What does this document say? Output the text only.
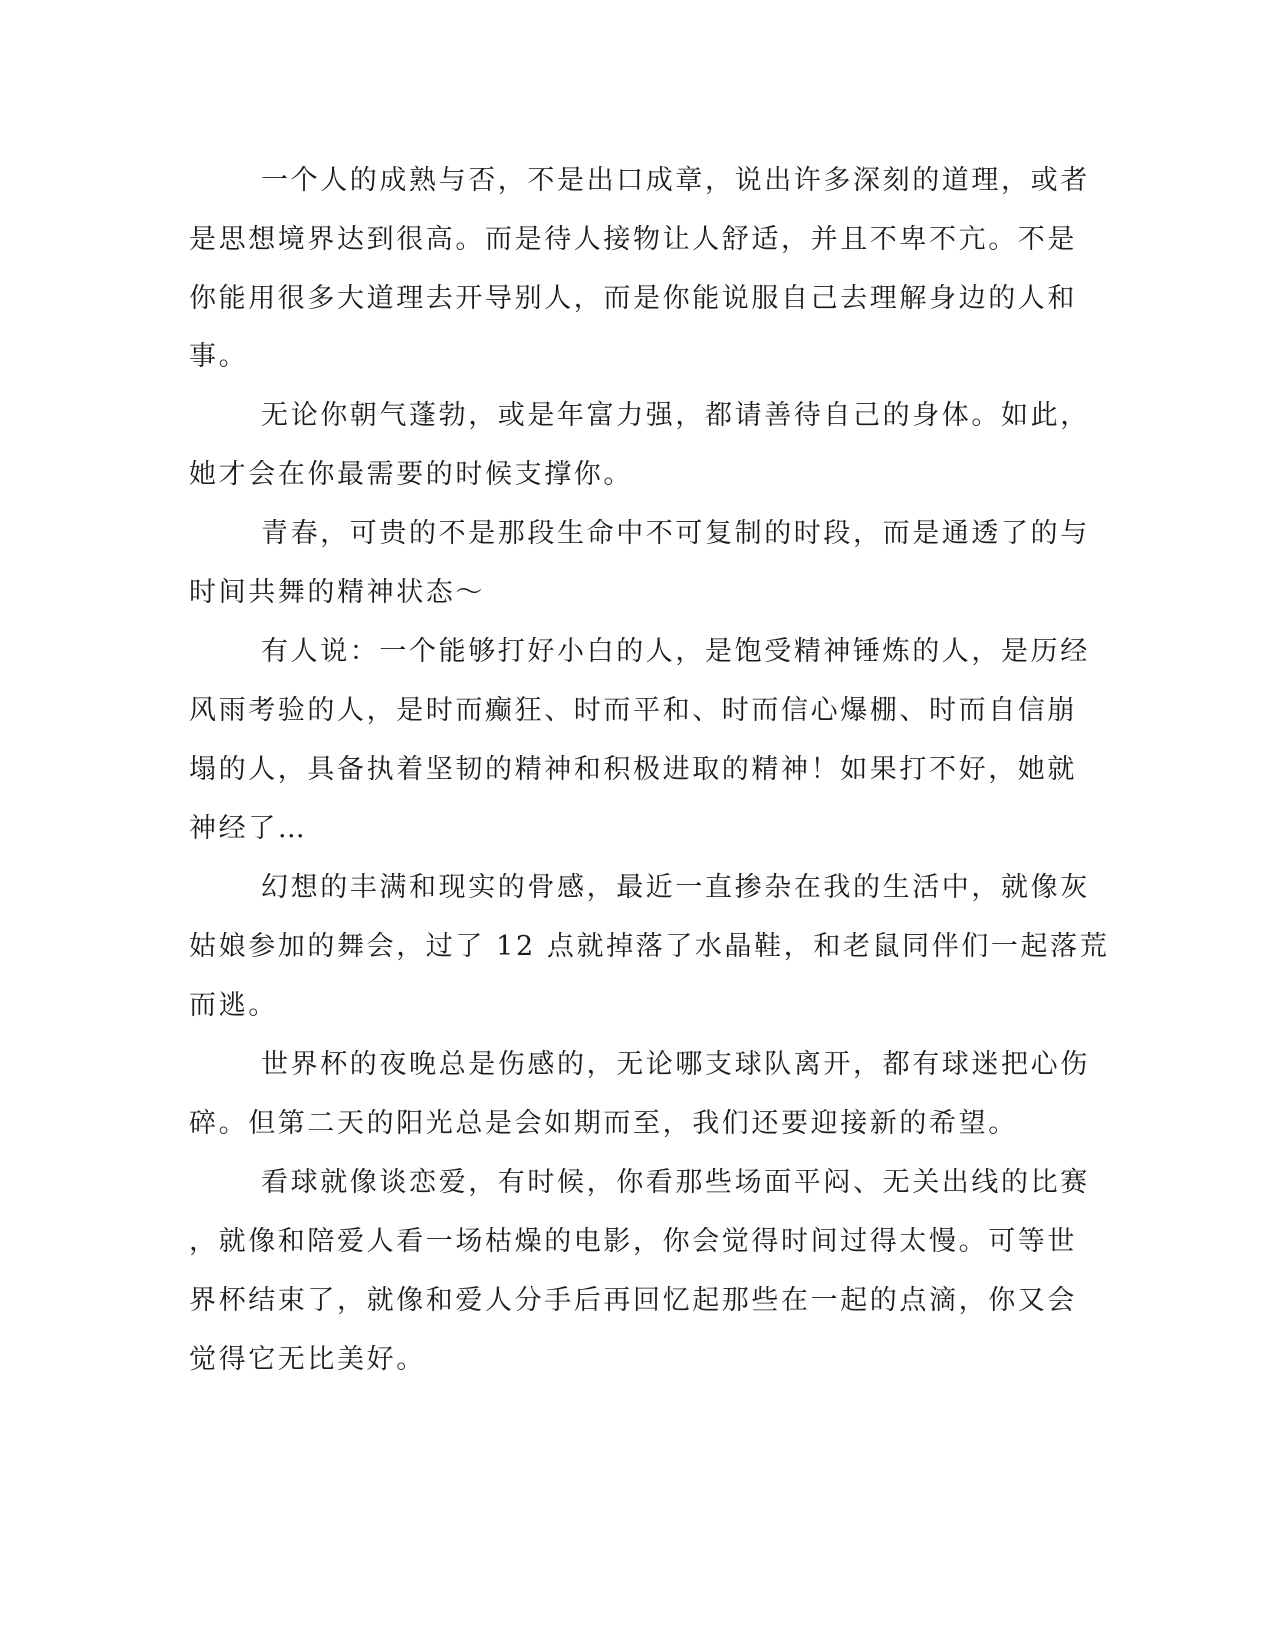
一个人的成熟与否，不是出口成章，说出许多深刻的道理，或者
是思想境界达到很高。而是待人接物让人舒适，并且不卑不亢。不是
你能用很多大道理去开导别人，而是你能说服自己去理解身边的人和
事。
无论你朝气蓬勃，或是年富力强，都请善待自己的身体。如此，
她才会在你最需要的时候支撑你。
青春，可贵的不是那段生命中不可复制的时段，而是通透了的与
时间共舞的精神状态～
有人说：一个能够打好小白的人，是饱受精神锤炼的人，是历经
风雨考验的人，是时而癫狂、时而平和、时而信心爆棚、时而自信崩
塌的人，具备执着坚韧的精神和积极进取的精神！如果打不好，她就
神经了…
幻想的丰满和现实的骨感，最近一直掺杂在我的生活中，就像灰
姑娘参加的舞会，过了 12 点就掉落了水晶鞋，和老鼠同伴们一起落荒
而逃。
世界杯的夜晚总是伤感的，无论哪支球队离开，都有球迷把心伤
碎。但第二天的阳光总是会如期而至，我们还要迎接新的希望。
看球就像谈恋爱，有时候，你看那些场面平闷、无关出线的比赛
，就像和陪爱人看一场枯燥的电影，你会觉得时间过得太慢。可等世
界杯结束了，就像和爱人分手后再回忆起那些在一起的点滴，你又会
觉得它无比美好。
